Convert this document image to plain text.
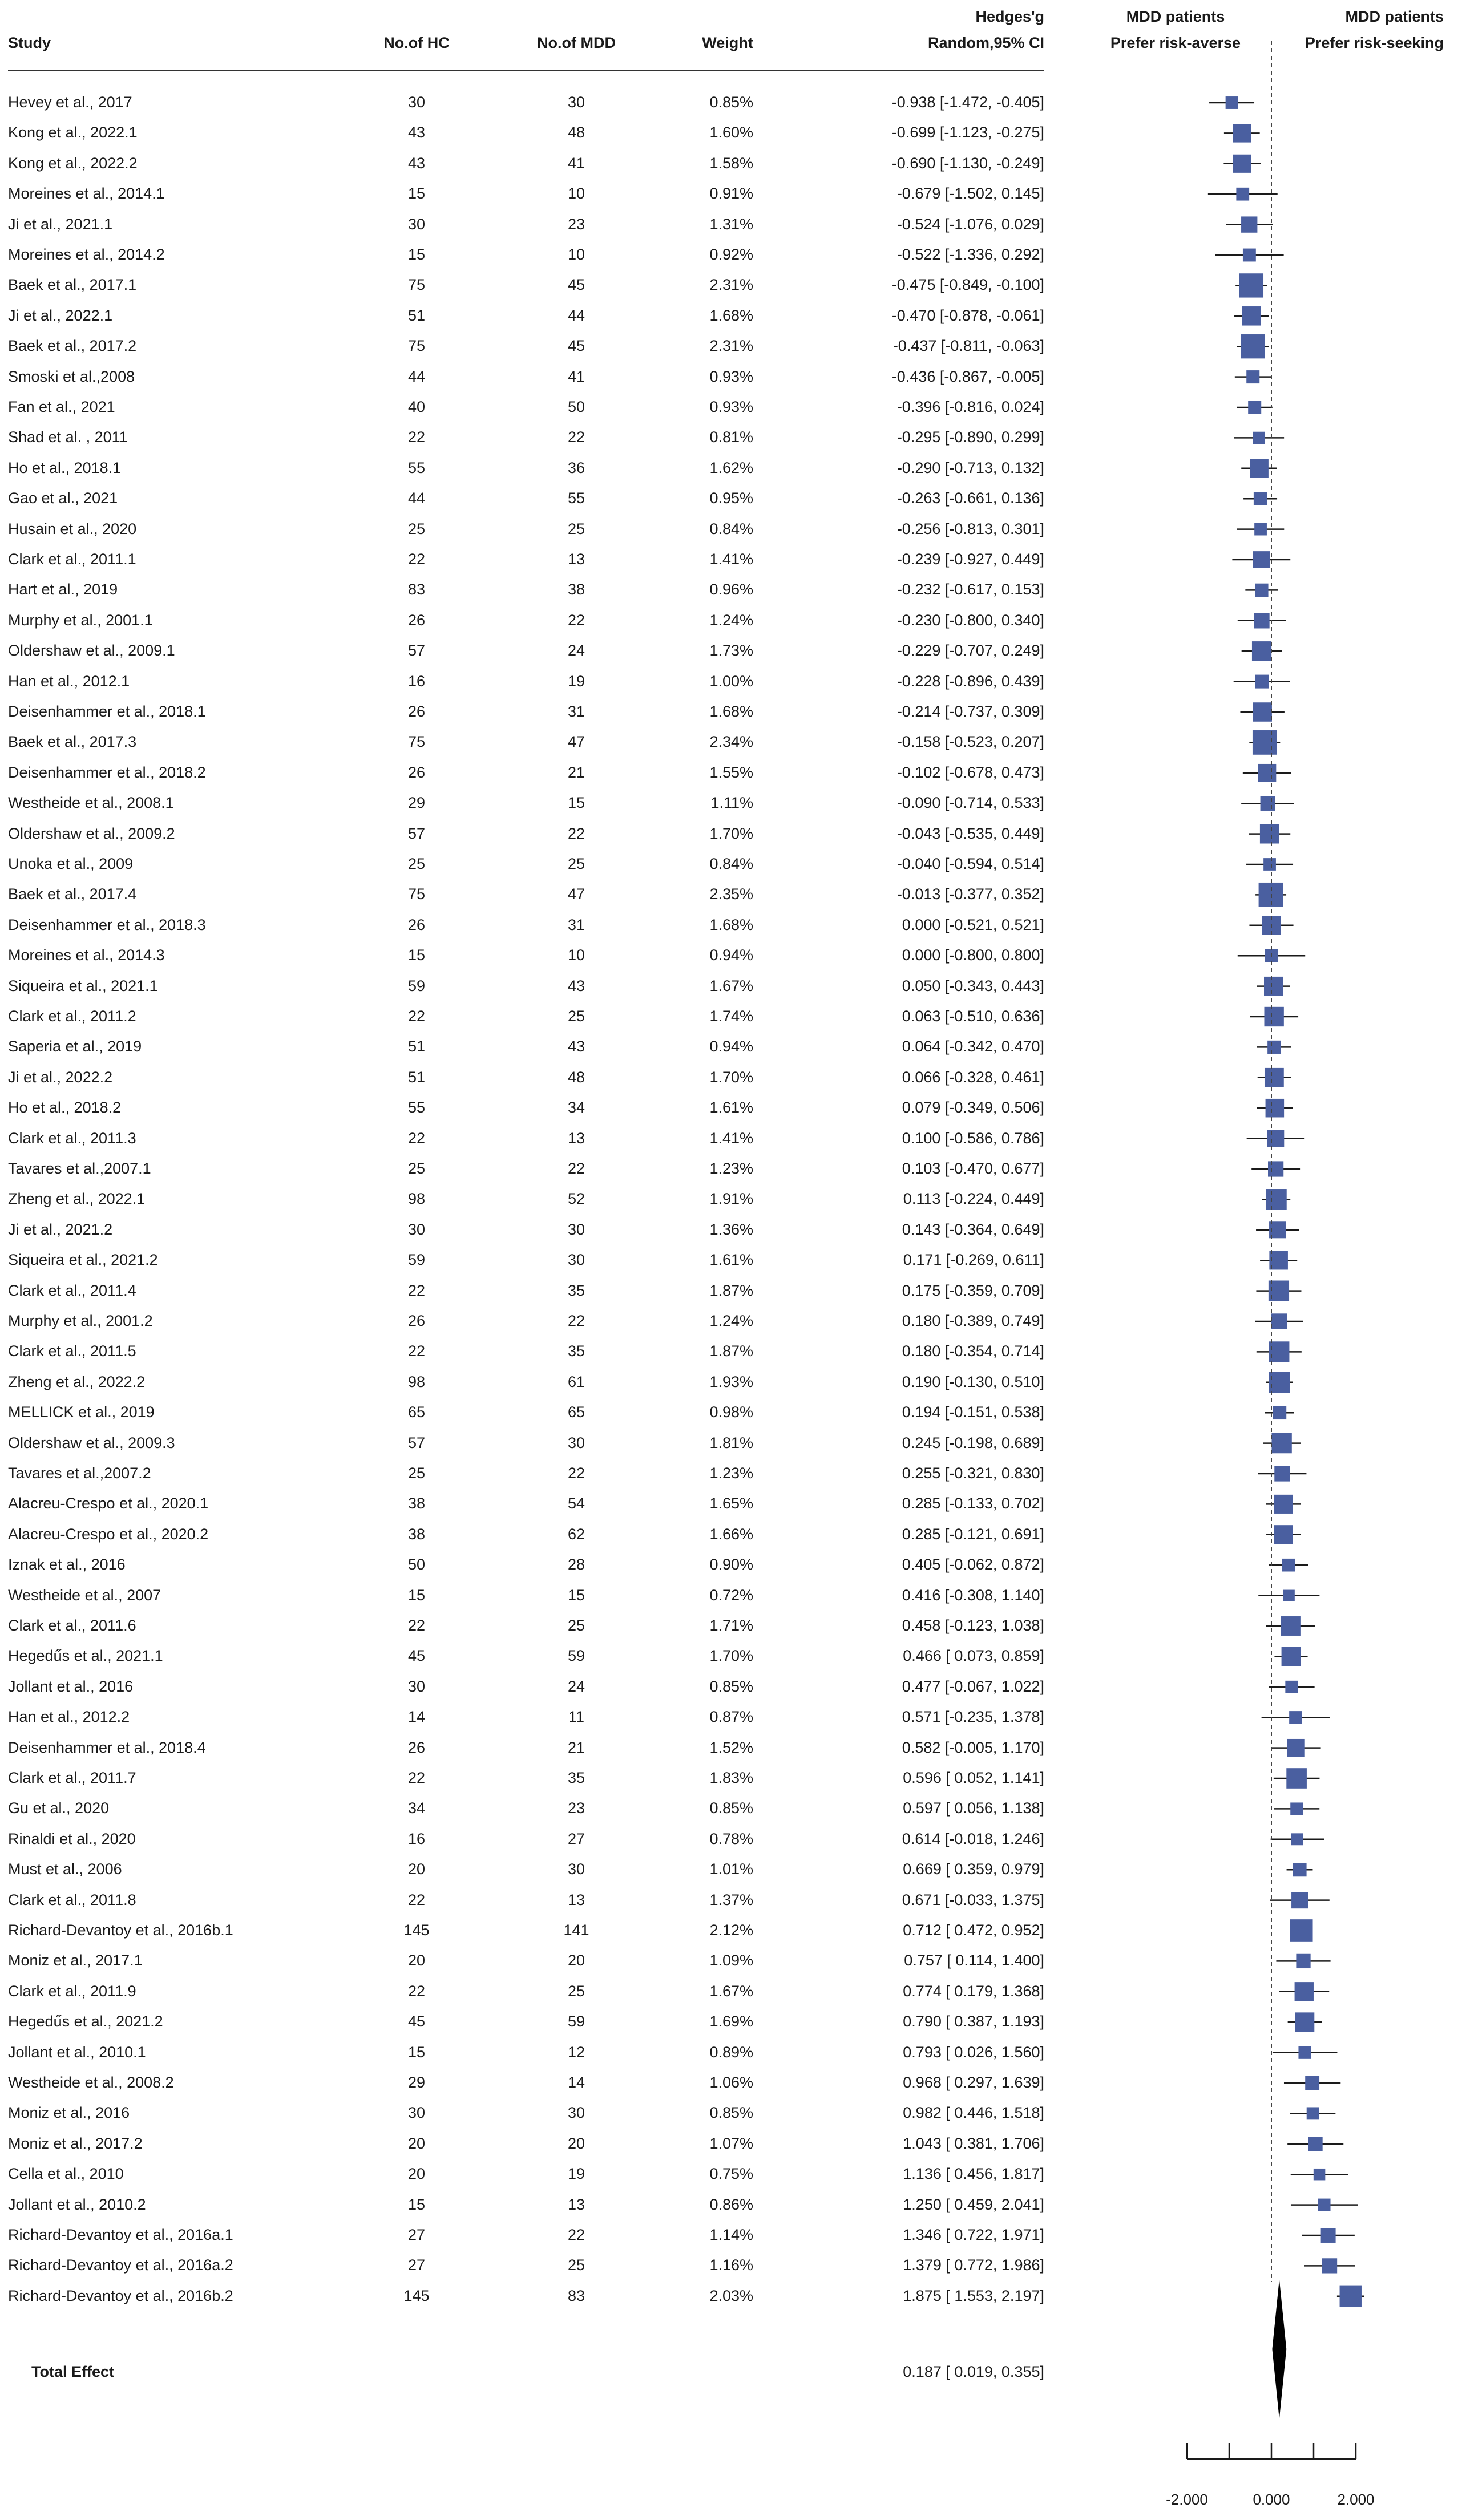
Study	No.of HC	No.of MDD	Weight
Hedges'g
Random,95% CI
MDD patients
Prefer risk-averse
MDD patients
Prefer risk-seeking
Hevey et al., 2017	30	30	0.85%	-0.938 [-1.472, -0.405]
Kong et al., 2022.1	43	48	1.60%	-0.699 [-1.123, -0.275]
Kong et al., 2022.2	43	41	1.58%	-0.690 [-1.130, -0.249]
Moreines et al., 2014.1	15	10	0.91%	-0.679 [-1.502, 0.145]
Ji et al., 2021.1	30	23	1.31%	-0.524 [-1.076, 0.029]
Moreines et al., 2014.2	15	10	0.92%	-0.522 [-1.336, 0.292]
Baek et al., 2017.1	75	45	2.31%	-0.475 [-0.849, -0.100]
Ji et al., 2022.1	51	44	1.68%	-0.470 [-0.878, -0.061]
Baek et al., 2017.2	75	45	2.31%	-0.437 [-0.811, -0.063]
Smoski et al.,2008	44	41	0.93%	-0.436 [-0.867, -0.005]
Fan et al., 2021	40	50	0.93%	-0.396 [-0.816, 0.024]
Shad et al. , 2011	22	22	0.81%	-0.295 [-0.890, 0.299]
Ho et al., 2018.1	55	36	1.62%	-0.290 [-0.713, 0.132]
Gao et al., 2021	44	55	0.95%	-0.263 [-0.661, 0.136]
Husain et al., 2020	25	25	0.84%	-0.256 [-0.813, 0.301]
Clark et al., 2011.1	22	13	1.41%	-0.239 [-0.927, 0.449]
Hart et al., 2019	83	38	0.96%	-0.232 [-0.617, 0.153]
Murphy et al., 2001.1	26	22	1.24%	-0.230 [-0.800, 0.340]
Oldershaw et al., 2009.1	57	24	1.73%	-0.229 [-0.707, 0.249]
Han et al., 2012.1	16	19	1.00%	-0.228 [-0.896, 0.439]
Deisenhammer et al., 2018.1	26	31	1.68%	-0.214 [-0.737, 0.309]
Baek et al., 2017.3	75	47	2.34%	-0.158 [-0.523, 0.207]
Deisenhammer et al., 2018.2	26	21	1.55%	-0.102 [-0.678, 0.473]
Westheide et al., 2008.1	29	15	1.11%	-0.090 [-0.714, 0.533]
Oldershaw et al., 2009.2	57	22	1.70%	-0.043 [-0.535, 0.449]
Unoka et al., 2009	25	25	0.84%	-0.040 [-0.594, 0.514]
Baek et al., 2017.4	75	47	2.35%	-0.013 [-0.377, 0.352]
Deisenhammer et al., 2018.3	26	31	1.68%	0.000 [-0.521, 0.521]
Moreines et al., 2014.3	15	10	0.94%	0.000 [-0.800, 0.800]
Siqueira et al., 2021.1	59	43	1.67%	0.050 [-0.343, 0.443]
Clark et al., 2011.2	22	25	1.74%	0.063 [-0.510, 0.636]
Saperia et al., 2019	51	43	0.94%	0.064 [-0.342, 0.470]
Ji et al., 2022.2	51	48	1.70%	0.066 [-0.328, 0.461]
Ho et al., 2018.2	55	34	1.61%	0.079 [-0.349, 0.506]
Clark et al., 2011.3	22	13	1.41%	0.100 [-0.586, 0.786]
Tavares et al.,2007.1	25	22	1.23%	0.103 [-0.470, 0.677]
Zheng et al., 2022.1	98	52	1.91%	0.113 [-0.224, 0.449]
Ji et al., 2021.2	30	30	1.36%	0.143 [-0.364, 0.649]
Siqueira et al., 2021.2	59	30	1.61%	0.171 [-0.269, 0.611]
Clark et al., 2011.4	22	35	1.87%	0.175 [-0.359, 0.709]
Murphy et al., 2001.2	26	22	1.24%	0.180 [-0.389, 0.749]
Clark et al., 2011.5	22	35	1.87%	0.180 [-0.354, 0.714]
Zheng et al., 2022.2	98	61	1.93%	0.190 [-0.130, 0.510]
MELLICK et al., 2019	65	65	0.98%	0.194 [-0.151, 0.538]
Oldershaw et al., 2009.3	57	30	1.81%	0.245 [-0.198, 0.689]
Tavares et al.,2007.2	25	22	1.23%	0.255 [-0.321, 0.830]
Alacreu-Crespo et al., 2020.1	38	54	1.65%	0.285 [-0.133, 0.702]
Alacreu-Crespo et al., 2020.2	38	62	1.66%	0.285 [-0.121, 0.691]
Iznak et al., 2016	50	28	0.90%	0.405 [-0.062, 0.872]
Westheide et al., 2007	15	15	0.72%	0.416 [-0.308, 1.140]
Clark et al., 2011.6	22	25	1.71%	0.458 [-0.123, 1.038]
Hegedűs et al., 2021.1	45	59	1.70%	0.466 [ 0.073, 0.859]
Jollant et al., 2016	30	24	0.85%	0.477 [-0.067, 1.022]
Han et al., 2012.2	14	11	0.87%	0.571 [-0.235, 1.378]
Deisenhammer et al., 2018.4	26	21	1.52%	0.582 [-0.005, 1.170]
Clark et al., 2011.7	22	35	1.83%	0.596 [ 0.052, 1.141]
Gu et al., 2020	34	23	0.85%	0.597 [ 0.056, 1.138]
Rinaldi et al., 2020	16	27	0.78%	0.614 [-0.018, 1.246]
Must et al., 2006	20	30	1.01%	0.669 [ 0.359, 0.979]
Clark et al., 2011.8	22	13	1.37%	0.671 [-0.033, 1.375]
Richard-Devantoy et al., 2016b.1	145	141	2.12%	0.712 [ 0.472, 0.952]
Moniz et al., 2017.1	20	20	1.09%	0.757 [ 0.114, 1.400]
Clark et al., 2011.9	22	25	1.67%	0.774 [ 0.179, 1.368]
Hegedűs et al., 2021.2	45	59	1.69%	0.790 [ 0.387, 1.193]
Jollant et al., 2010.1	15	12	0.89%	0.793 [ 0.026, 1.560]
Westheide et al., 2008.2	29	14	1.06%	0.968 [ 0.297, 1.639]
Moniz et al., 2016	30	30	0.85%	0.982 [ 0.446, 1.518]
Moniz et al., 2017.2	20	20	1.07%	1.043 [ 0.381, 1.706]
Cella et al., 2010	20	19	0.75%	1.136 [ 0.456, 1.817]
Jollant et al., 2010.2	15	13	0.86%	1.250 [ 0.459, 2.041]
Richard-Devantoy et al., 2016a.1	27	22	1.14%	1.346 [ 0.722, 1.971]
Richard-Devantoy et al., 2016a.2	27	25	1.16%	1.379 [ 0.772, 1.986]
Richard-Devantoy et al., 2016b.2	145	83	2.03%	1.875 [ 1.553, 2.197]
Total Effect	0.187 [ 0.019, 0.355]
-2.000	0.000	2.000
